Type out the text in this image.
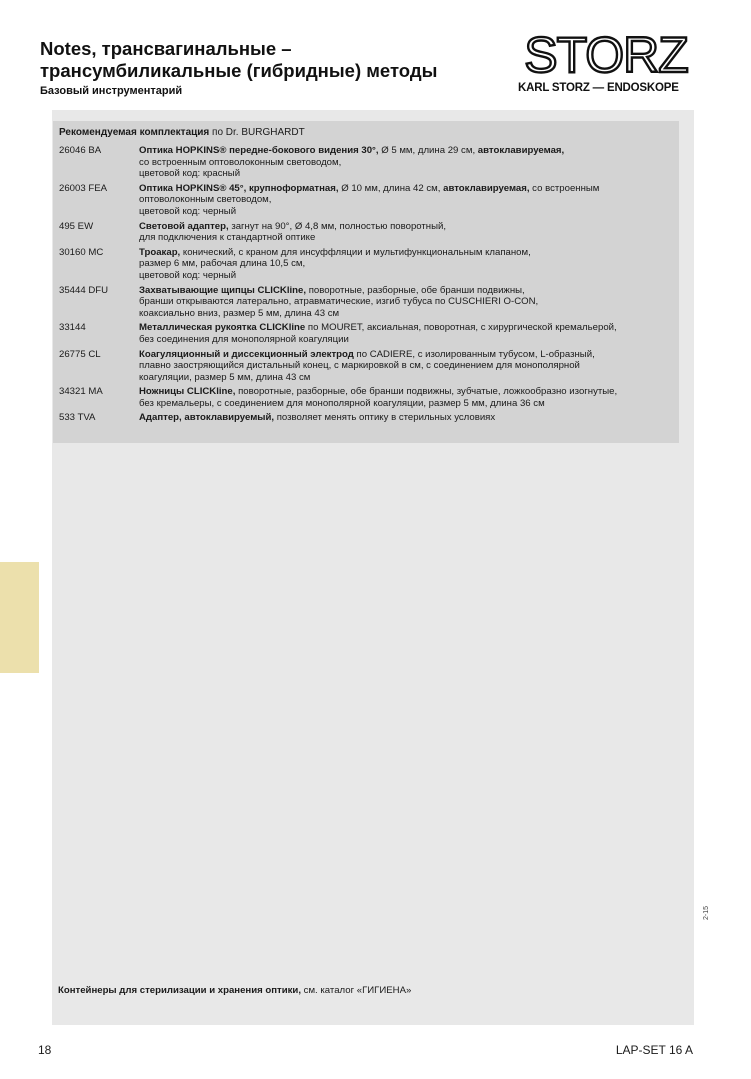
Notes, трансвагинальные –
трансумбиликальные (гибридные) методы
Базовый инструментарий
STORZ
KARL STORZ — ENDOSKOPE
Рекомендуемая комплектация по Dr. BURGHARDT
26046 BA	Оптика HOPKINS® передне-бокового видения 30°, Ø 5 мм, длина 29 см, автоклавируемая,
со встроенным оптоволоконным световодом,
цветовой код: красный
26003 FEA	Оптика HOPKINS® 45°, крупноформатная, Ø 10 мм, длина 42 см, автоклавируемая, со встроенным
оптоволоконным световодом,
цветовой код: черный
495 EW	Световой адаптер, загнут на 90°, Ø 4,8 мм, полностью поворотный,
для подключения к стандартной оптике
30160 MC	Троакар, конический, с краном для инсуффляции и мультифункциональным клапаном,
размер 6 мм, рабочая длина 10,5 см,
цветовой код: черный
35444 DFU	Захватывающие щипцы CLICKline, поворотные, разборные, обе бранши подвижны,
бранши открываются латерально, атравматические, изгиб тубуса по CUSCHIERI O-CON,
коаксиально вниз, размер 5 мм, длина 43 см
33144	Металлическая рукоятка CLICKline по MOURET, аксиальная, поворотная, с хирургической кремальерой,
без соединения для монополярной коагуляции
26775 CL	Коагуляционный и диссекционный электрод по CADIERE, с изолированным тубусом, L-образный,
плавно заостряющийся дистальный конец, с маркировкой в см, с соединением для монополярной
коагуляции, размер 5 мм, длина 43 см
34321 MA	Ножницы CLICKline, поворотные, разборные, обе бранши подвижны, зубчатые, ложкообразно изогнутые,
без кремальеры, с соединением для монополярной коагуляции, размер 5 мм, длина 36 см
533 TVA	Адаптер, автоклавируемый, позволяет менять оптику в стерильных условиях
2-15
Контейнеры для стерилизации и хранения оптики, см. каталог «ГИГИЕНА»
18	LAP-SET 16 A
